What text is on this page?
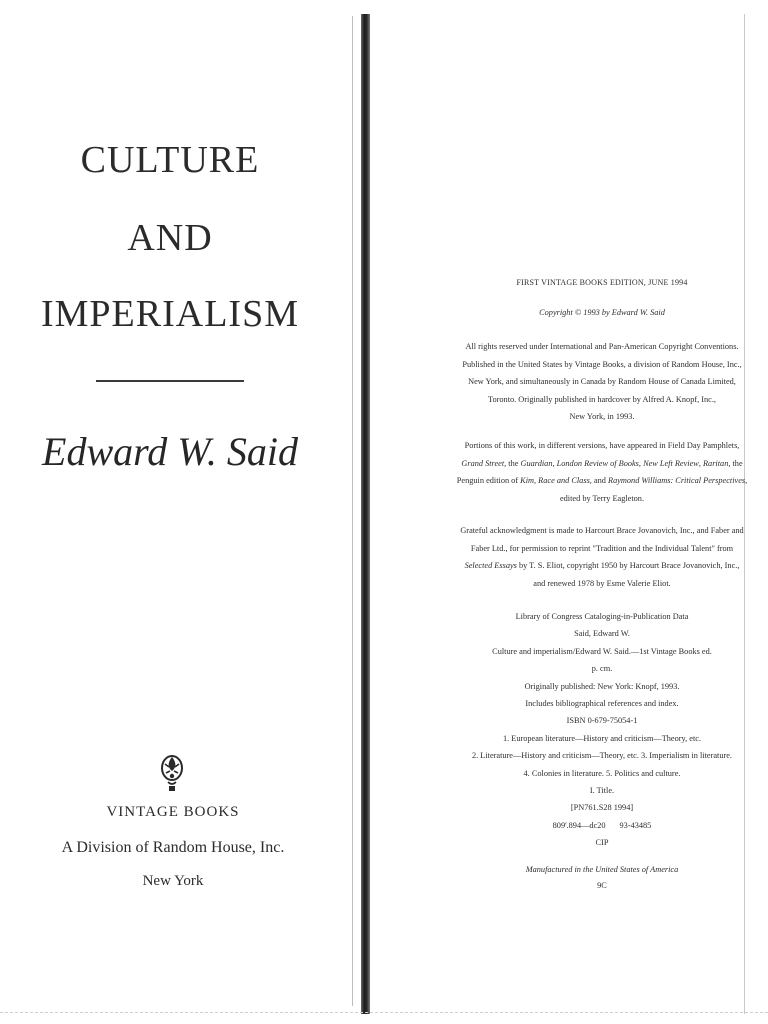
CULTURE
AND
IMPERIALISM
Edward W. Said
VINTAGE BOOKS
A Division of Random House, Inc.
New York
FIRST VINTAGE BOOKS EDITION, JUNE 1994
Copyright © 1993 by Edward W. Said
All rights reserved under International and Pan-American Copyright Conventions.
Published in the United States by Vintage Books, a division of Random House, Inc.,
New York, and simultaneously in Canada by Random House of Canada Limited,
Toronto. Originally published in hardcover by Alfred A. Knopf, Inc.,
New York, in 1993.
Portions of this work, in different versions, have appeared in Field Day Pamphlets,
Grand Street, the Guardian, London Review of Books, New Left Review, Raritan, the
Penguin edition of Kim, Race and Class, and Raymond Williams: Critical Perspectives,
edited by Terry Eagleton.
Grateful acknowledgment is made to Harcourt Brace Jovanovich, Inc., and Faber and
Faber Ltd., for permission to reprint "Tradition and the Individual Talent" from
Selected Essays by T. S. Eliot, copyright 1950 by Harcourt Brace Jovanovich, Inc.,
and renewed 1978 by Esme Valerie Eliot.
Library of Congress Cataloging-in-Publication Data
Said, Edward W.
Culture and imperialism/Edward W. Said.—1st Vintage Books ed.
p. cm.
Originally published: New York: Knopf, 1993.
Includes bibliographical references and index.
ISBN 0-679-75054-1
1. European literature—History and criticism—Theory, etc.
2. Literature—History and criticism—Theory, etc. 3. Imperialism in literature.
4. Colonies in literature. 5. Politics and culture.
I. Title.
[PN761.S28 1994]
809'.894—dc20 93-43485
CIP
Manufactured in the United States of America
9C
